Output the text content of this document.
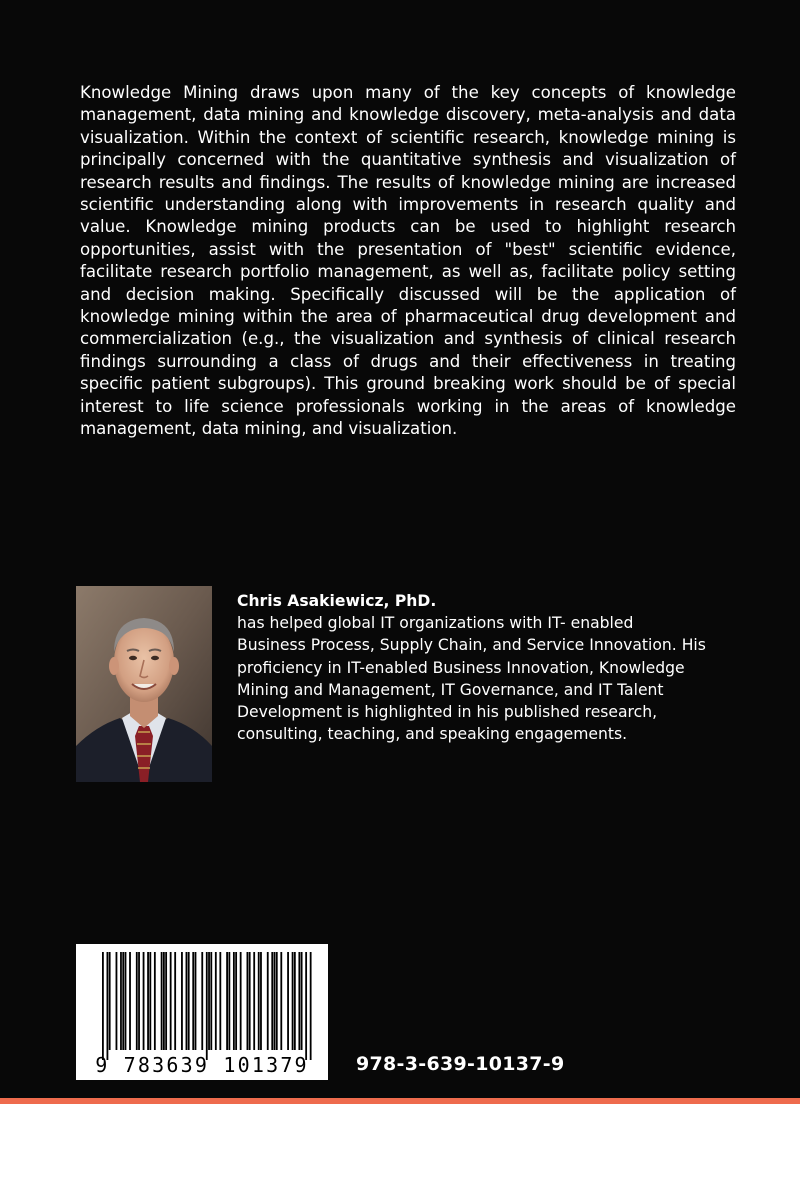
Knowledge Mining draws upon many of the key concepts of knowledge management, data mining and knowledge discovery, meta-analysis and data visualization. Within the context of scientific research, knowledge mining is principally concerned with the quantitative synthesis and visualization of research results and findings. The results of knowledge mining are increased scientific understanding along with improvements in research quality and value. Knowledge mining products can be used to highlight research opportunities, assist with the presentation of "best" scientific evidence, facilitate research portfolio management, as well as, facilitate policy setting and decision making. Specifically discussed will be the application of knowledge mining within the area of pharmaceutical drug development and commercialization (e.g., the visualization and synthesis of clinical research findings surrounding a class of drugs and their effectiveness in treating specific patient subgroups). This ground breaking work should be of special interest to life science professionals working in the areas of knowledge management, data mining, and visualization.

Chris Asakiewicz, PhD.
has helped global IT organizations with IT- enabled Business Process, Supply Chain, and Service Innovation. His proficiency in IT-enabled Business Innovation, Knowledge Mining and Management, IT Governance, and IT Talent Development is highlighted in his published research, consulting, teaching, and speaking engagements.
9 783639 101379	978-3-639-10137-9
